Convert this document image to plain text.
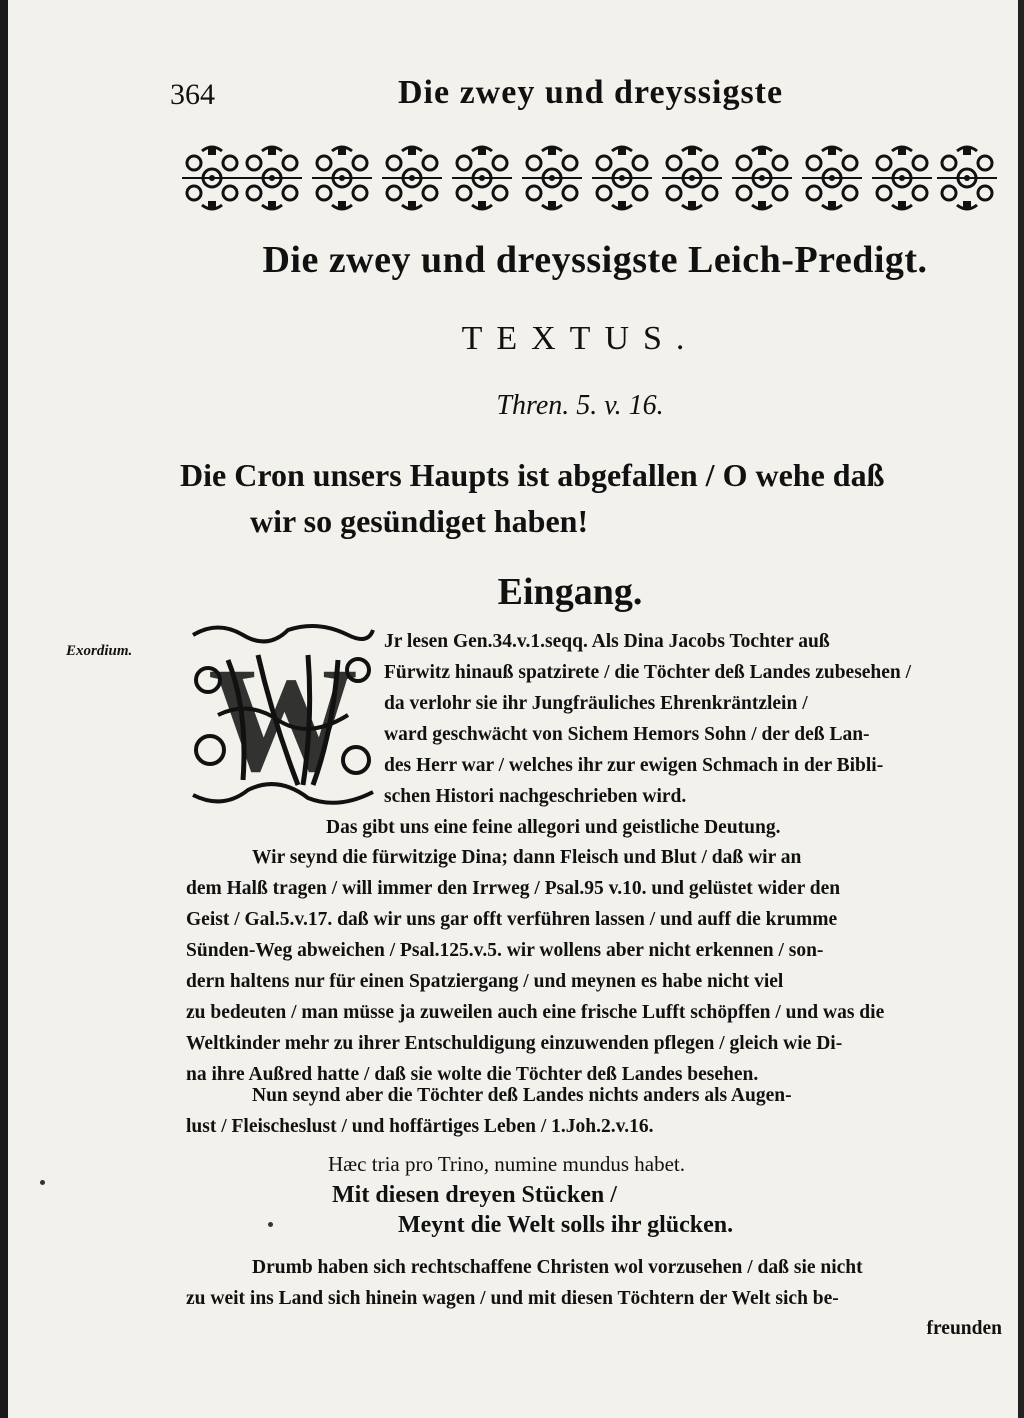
364	Die zwey und dreyssigste
Die zwey und dreyssigste Leich-Predigt.
TEXTUS.
Thren. 5. v. 16.
Die Cron unsers Haupts ist abgefallen / O wehe daß
wir so gesündiget haben!
Eingang.
Exordium. W Jr lesen Gen.34.v.1.seqq. Als Dina Jacobs Tochter auß
Fürwitz hinauß spatzirete / die Töchter deß Landes zubesehen /
da verlohr sie ihr Jungfräuliches Ehrenkräntzlein /
ward geschwächt von Sichem Hemors Sohn / der deß Lan-
des Herr war / welches ihr zur ewigen Schmach in der Bibli-
schen Histori nachgeschrieben wird.
Das gibt uns eine feine allegori und geistliche Deutung.
Wir seynd die fürwitzige Dina; dann Fleisch und Blut / daß wir an
dem Halß tragen / will immer den Irrweg / Psal.95 v.10. und gelüstet wider den
Geist / Gal.5.v.17. daß wir uns gar offt verführen lassen / und auff die krumme
Sünden-Weg abweichen / Psal.125.v.5. wir wollens aber nicht erkennen / son-
dern haltens nur für einen Spatziergang / und meynen es habe nicht viel
zu bedeuten / man müsse ja zuweilen auch eine frische Lufft schöpffen / und was die
Weltkinder mehr zu ihrer Entschuldigung einzuwenden pflegen / gleich wie Di-
na ihre Außred hatte / daß sie wolte die Töchter deß Landes besehen.
Nun seynd aber die Töchter deß Landes nichts anders als Augen-
lust / Fleischeslust / und hoffärtiges Leben / 1.Joh.2.v.16.
Hæc tria pro Trino, numine mundus habet.
Mit diesen dreyen Stücken /
Meynt die Welt solls ihr glücken.
Drumb haben sich rechtschaffene Christen wol vorzusehen / daß sie nicht
zu weit ins Land sich hinein wagen / und mit diesen Töchtern der Welt sich be-
freunden
